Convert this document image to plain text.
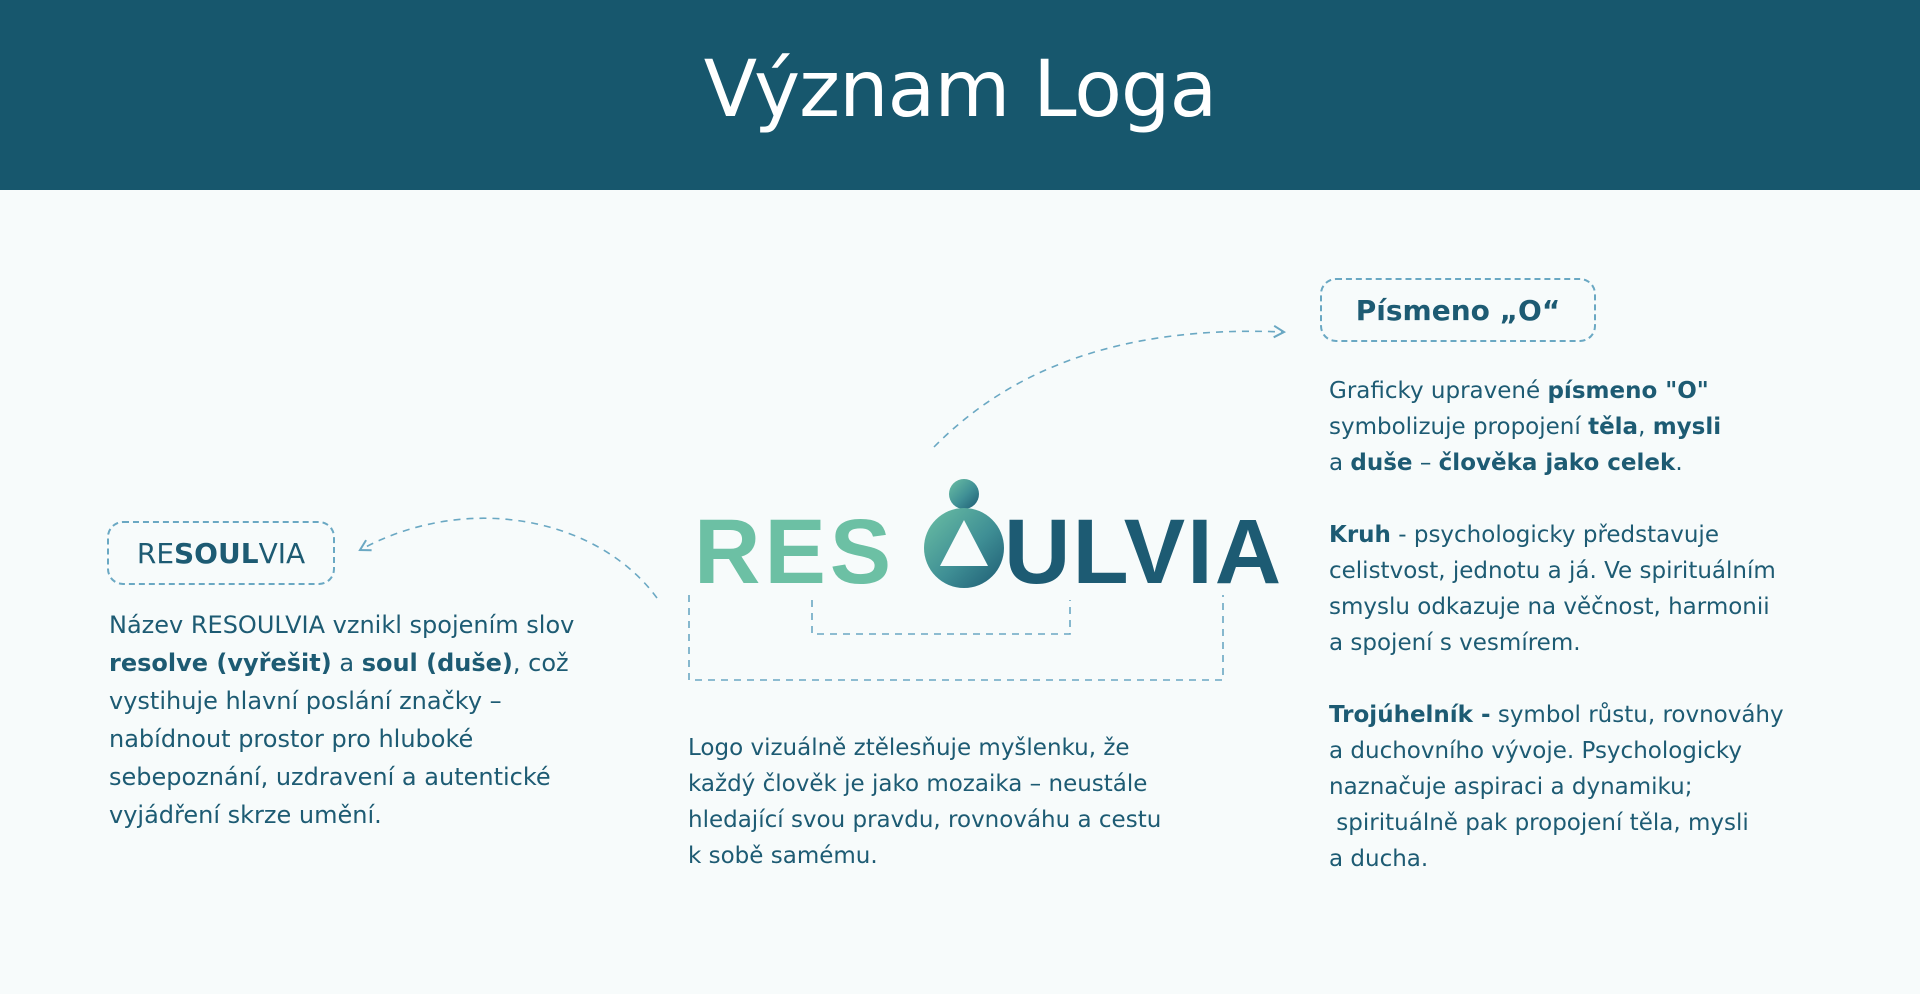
Význam Loga
RES ULVIA
RE SOUL VIA
Písmeno „O“
Název RESOULVIA vznikl spojením slov
resolve (vyřešit) a soul (duše), což
vystihuje hlavní poslání značky –
nabídnout prostor pro hluboké
sebepoznání, uzdravení a autentické
vyjádření skrze umění.
Logo vizuálně ztělesňuje myšlenku, že
každý člověk je jako mozaika – neustále
hledající svou pravdu, rovnováhu a cestu
k sobě samému.
Graficky upravené písmeno "O"
symbolizuje propojení těla, mysli
a duše – člověka jako celek.
Kruh - psychologicky představuje
celistvost, jednotu a já. Ve spirituálním
smyslu odkazuje na věčnost, harmonii
a spojení s vesmírem.
Trojúhelník - symbol růstu, rovnováhy
a duchovního vývoje. Psychologicky
naznačuje aspiraci a dynamiku;
spirituálně pak propojení těla, mysli
a ducha.
